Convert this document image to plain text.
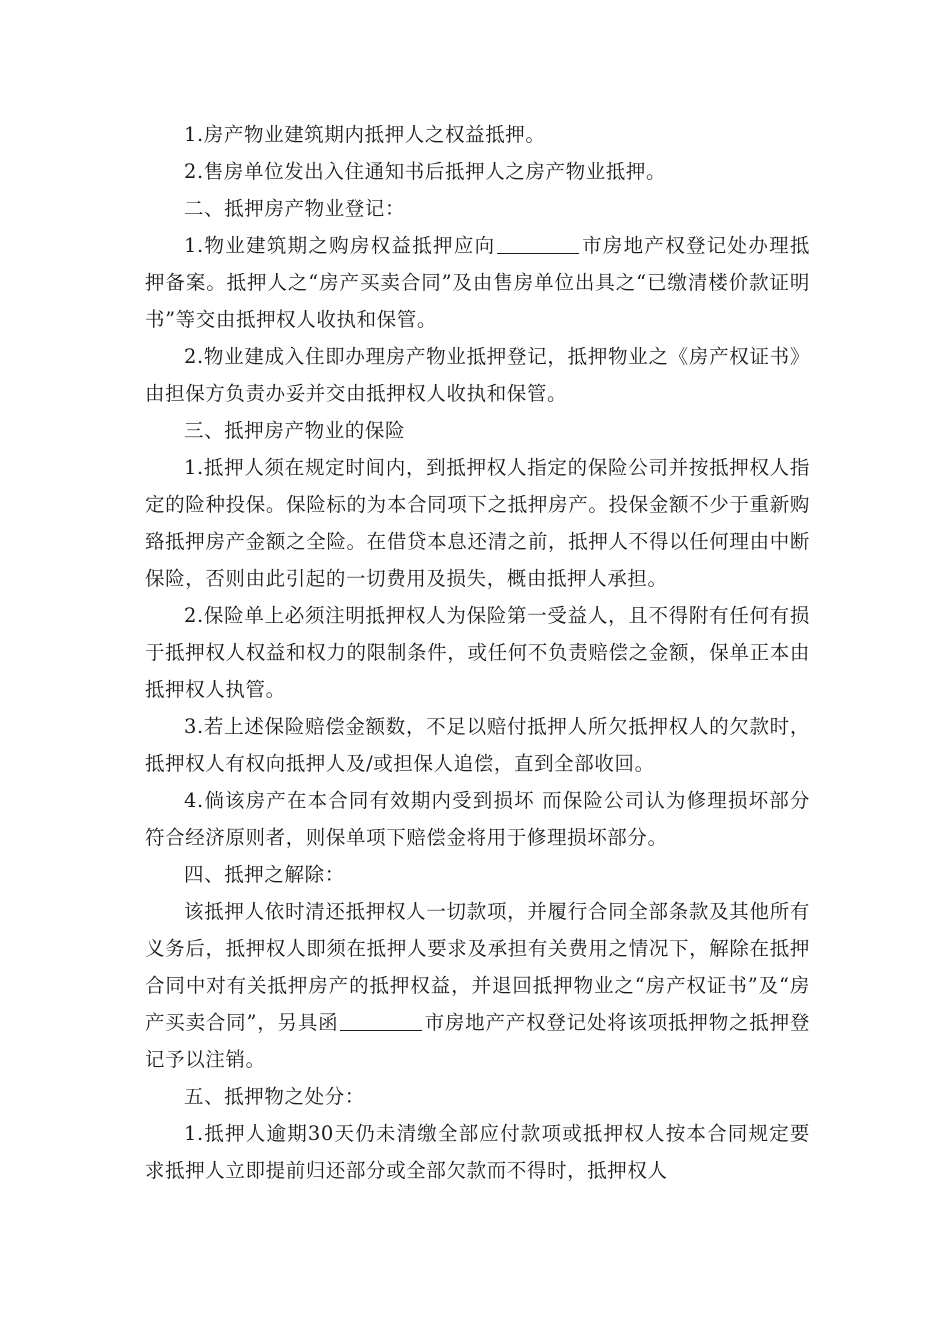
1.房产物业建筑期内抵押人之权益抵押。

2.售房单位发出入住通知书后抵押人之房产物业抵押。

二、抵押房产物业登记：

1.物业建筑期之购房权益抵押应向	市房地产权登记处办理抵押备案。抵押人之“房产买卖合同”及由售房单位出具之“已缴清楼价款证明书”等交由抵押权人收执和保管。

2.物业建成入住即办理房产物业抵押登记，抵押物业之《房产权证书》由担保方负责办妥并交由抵押权人收执和保管。

三、抵押房产物业的保险

1.抵押人须在规定时间内，到抵押权人指定的保险公司并按抵押权人指定的险种投保。保险标的为本合同项下之抵押房产。投保金额不少于重新购臵抵押房产金额之全险。在借贷本息还清之前，抵押人不得以任何理由中断保险，否则由此引起的一切费用及损失，概由抵押人承担。

2.保险单上必须注明抵押权人为保险第一受益人，且不得附有任何有损于抵押权人权益和权力的限制条件，或任何不负责赔偿之金额，保单正本由抵押权人执管。

3.若上述保险赔偿金额数，不足以赔付抵押人所欠抵押权人的欠款时，抵押权人有权向抵押人及/或担保人追偿，直到全部收回。

4.倘该房产在本合同有效期内受到损坏 而保险公司认为修理损坏部分符合经济原则者，则保单项下赔偿金将用于修理损坏部分。

四、抵押之解除：

该抵押人依时清还抵押权人一切款项，并履行合同全部条款及其他所有义务后，抵押权人即须在抵押人要求及承担有关费用之情况下，解除在抵押合同中对有关抵押房产的抵押权益，并退回抵押物业之“房产权证书”及“房产买卖合同”，另具函	市房地产产权登记处将该项抵押物之抵押登记予以注销。

五、抵押物之处分：

1.抵押人逾期30天仍未清缴全部应付款项或抵押权人按本合同规定要求抵押人立即提前归还部分或全部欠款而不得时，抵押权人
